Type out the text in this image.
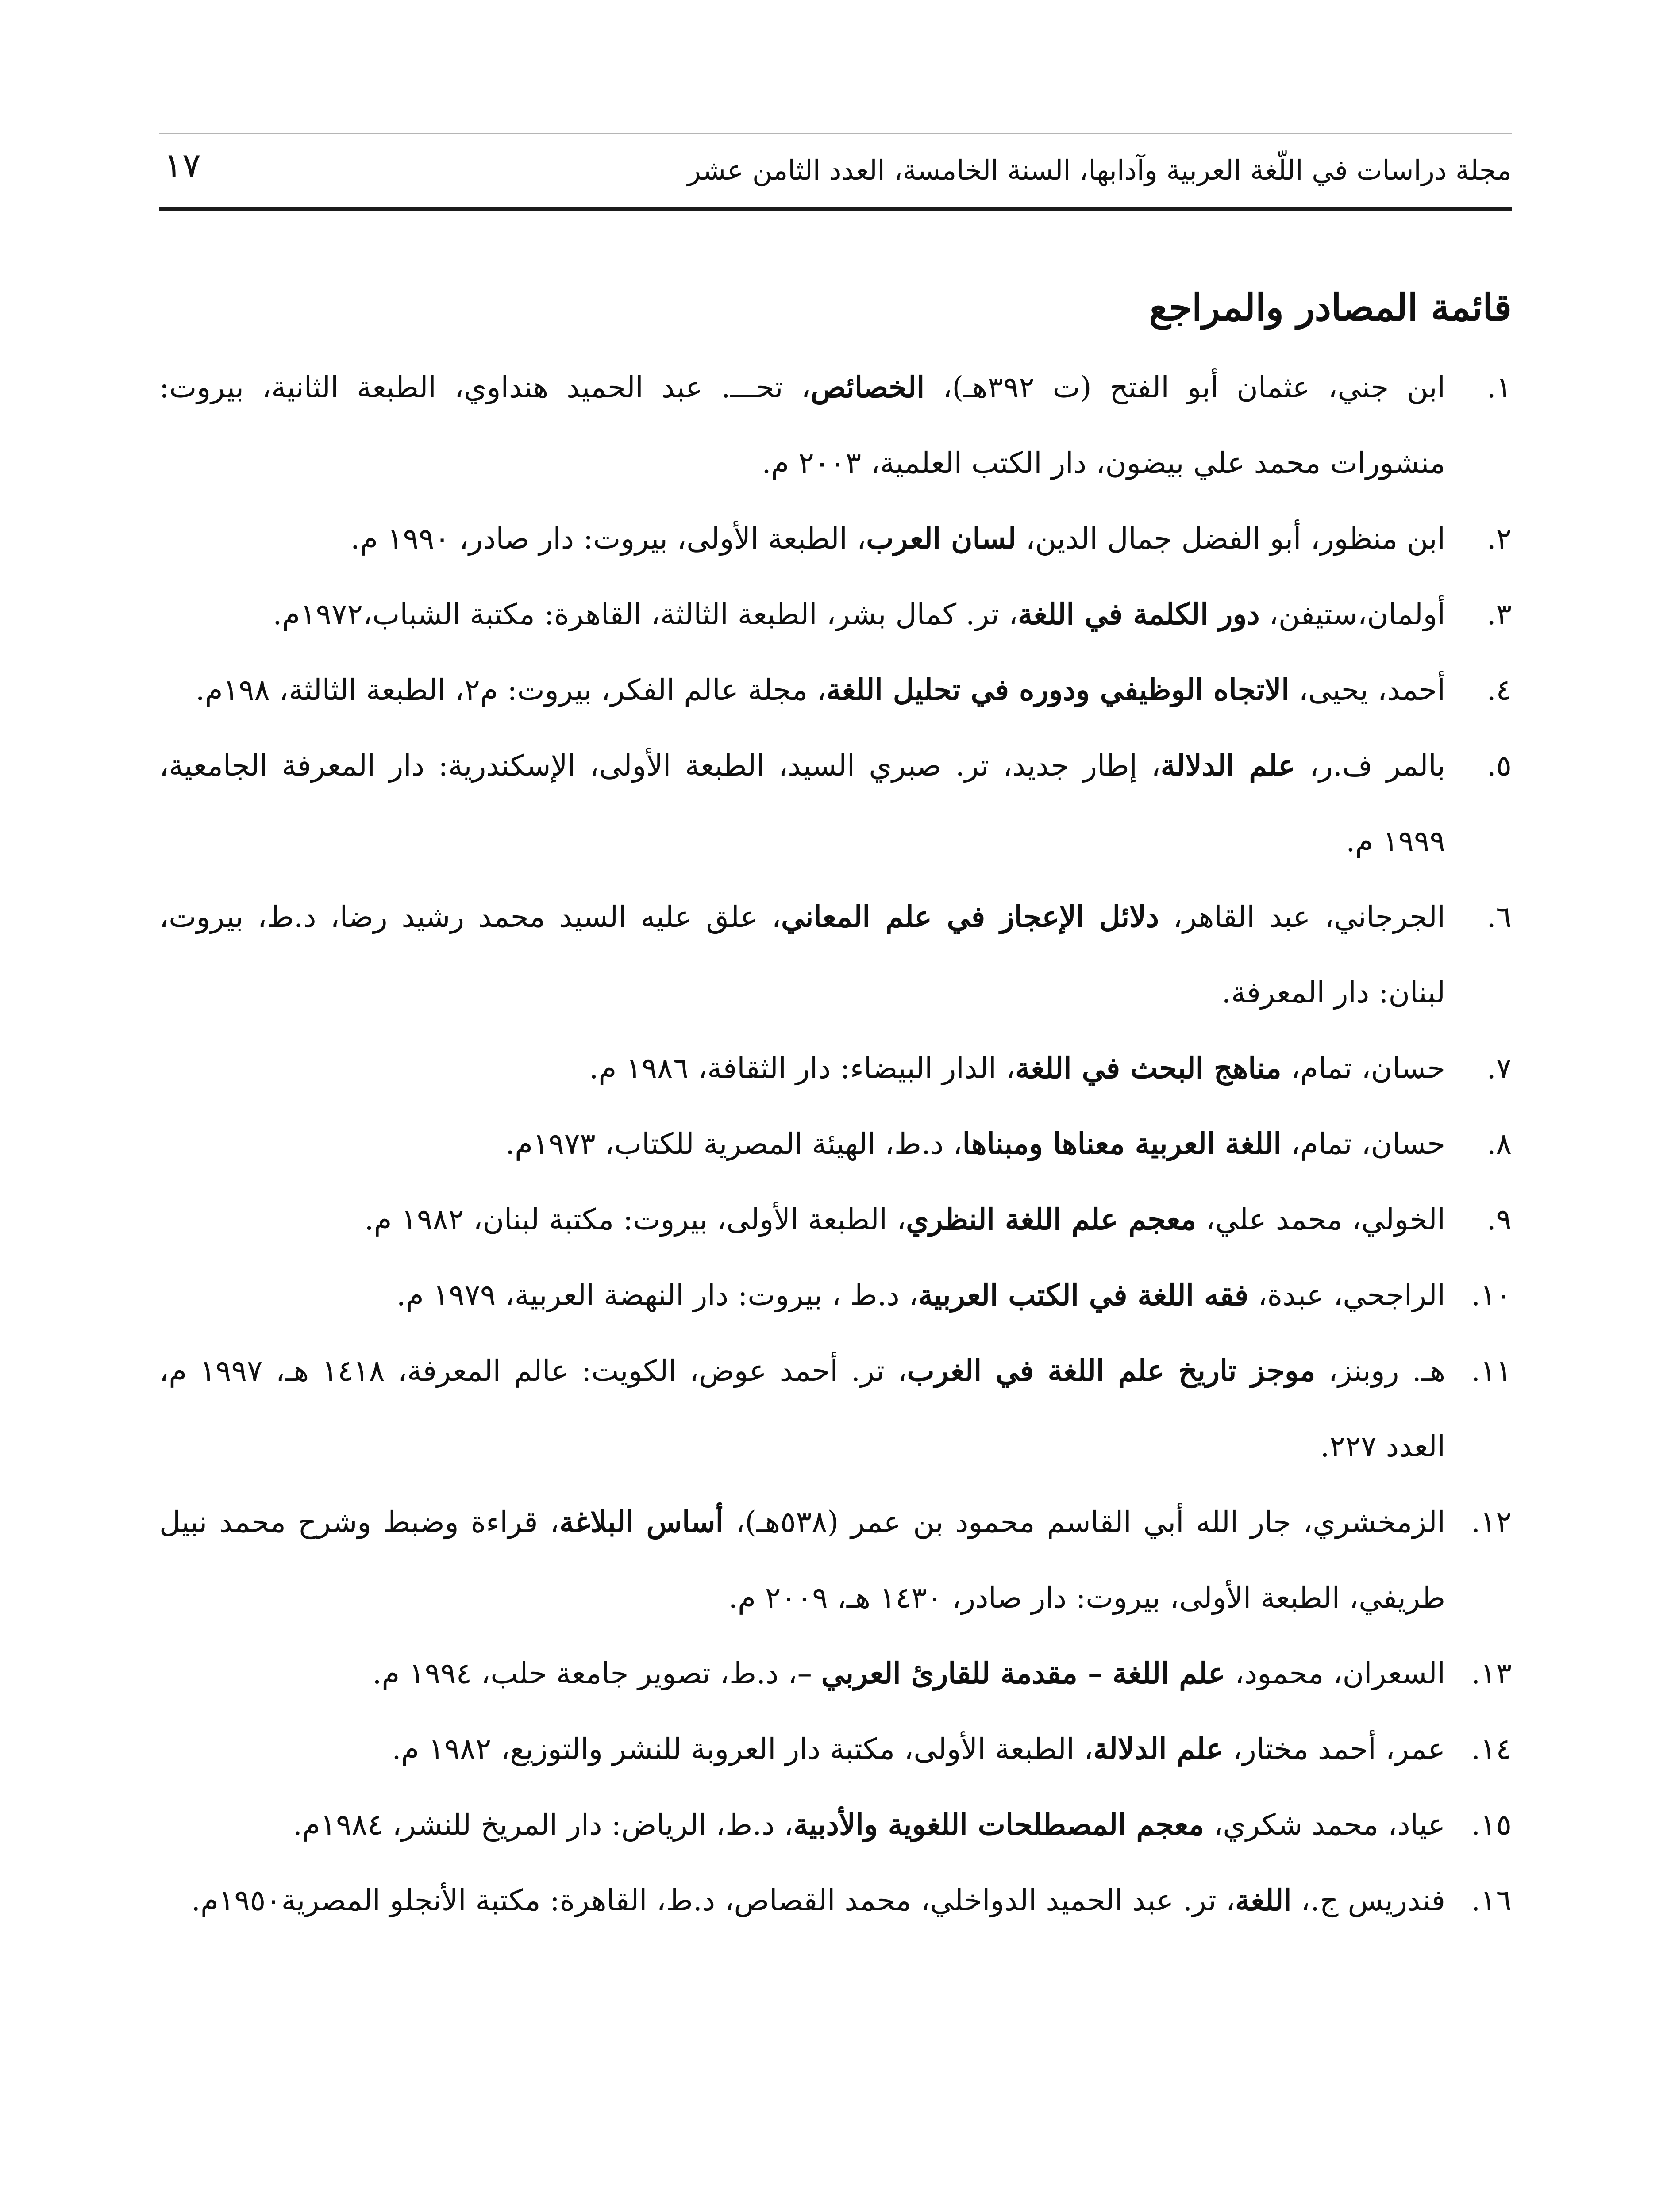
مجلة دراسات في اللّغة العربية وآدابها، السنة الخامسة، العدد الثامن عشر
١٧
قائمة المصادر والمراجع
١.
ابن جني، عثمان أبو الفتح (ت ٣٩٢هـ)، الخصائص، تحـــ. عبد الحميد هنداوي، الطبعة الثانية، بيروت: منشورات محمد علي بيضون، دار الكتب العلمية، ٢٠٠٣ م.
٢.
ابن منظور، أبو الفضل جمال الدين، لسان العرب، الطبعة الأولى، بيروت: دار صادر، ١٩٩٠ م.
٣.
أولمان،ستيفن، دور الكلمة في اللغة، تر. كمال بشر، الطبعة الثالثة، القاهرة: مكتبة الشباب،١٩٧٢م.
٤.
أحمد، يحيى، الاتجاه الوظيفي ودوره في تحليل اللغة، مجلة عالم الفكر، بيروت: م٢، الطبعة الثالثة، ١٩٨م.
٥.
بالمر ف.ر، علم الدلالة، إطار جديد، تر. صبري السيد، الطبعة الأولى، الإسكندرية: دار المعرفة الجامعية، ١٩٩٩ م.
٦.
الجرجاني، عبد القاهر، دلائل الإعجاز في علم المعاني، علق عليه السيد محمد رشيد رضا، د.ط، بيروت، لبنان: دار المعرفة.
٧.
حسان، تمام، مناهج البحث في اللغة، الدار البيضاء: دار الثقافة، ١٩٨٦ م.
٨.
حسان، تمام، اللغة العربية معناها ومبناها، د.ط، الهيئة المصرية للكتاب، ١٩٧٣م.
٩.
الخولي، محمد علي، معجم علم اللغة النظري، الطبعة الأولى، بيروت: مكتبة لبنان، ١٩٨٢ م.
١٠.
الراجحي، عبدة، فقه اللغة في الكتب العربية، د.ط ، بيروت: دار النهضة العربية، ١٩٧٩ م.
١١.
هـ. روبنز، موجز تاريخ علم اللغة في الغرب، تر. أحمد عوض، الكويت: عالم المعرفة، ١٤١٨ هـ، ١٩٩٧ م، العدد ٢٢٧.
١٢.
الزمخشري، جار الله أبي القاسم محمود بن عمر (٥٣٨هـ)، أساس البلاغة، قراءة وضبط وشرح محمد نبيل طريفي، الطبعة الأولى، بيروت: دار صادر، ١٤٣٠ هـ، ٢٠٠٩ م.
١٣.
السعران، محمود، علم اللغة – مقدمة للقارئ العربي –، د.ط، تصوير جامعة حلب، ١٩٩٤ م.
١٤.
عمر، أحمد مختار، علم الدلالة، الطبعة الأولى، مكتبة دار العروبة للنشر والتوزيع، ١٩٨٢ م.
١٥.
عياد، محمد شكري، معجم المصطلحات اللغوية والأدبية، د.ط، الرياض: دار المريخ للنشر، ١٩٨٤م.
١٦.
فندريس ج.، اللغة، تر. عبد الحميد الدواخلي، محمد القصاص، د.ط، القاهرة: مكتبة الأنجلو المصرية١٩٥٠م.
